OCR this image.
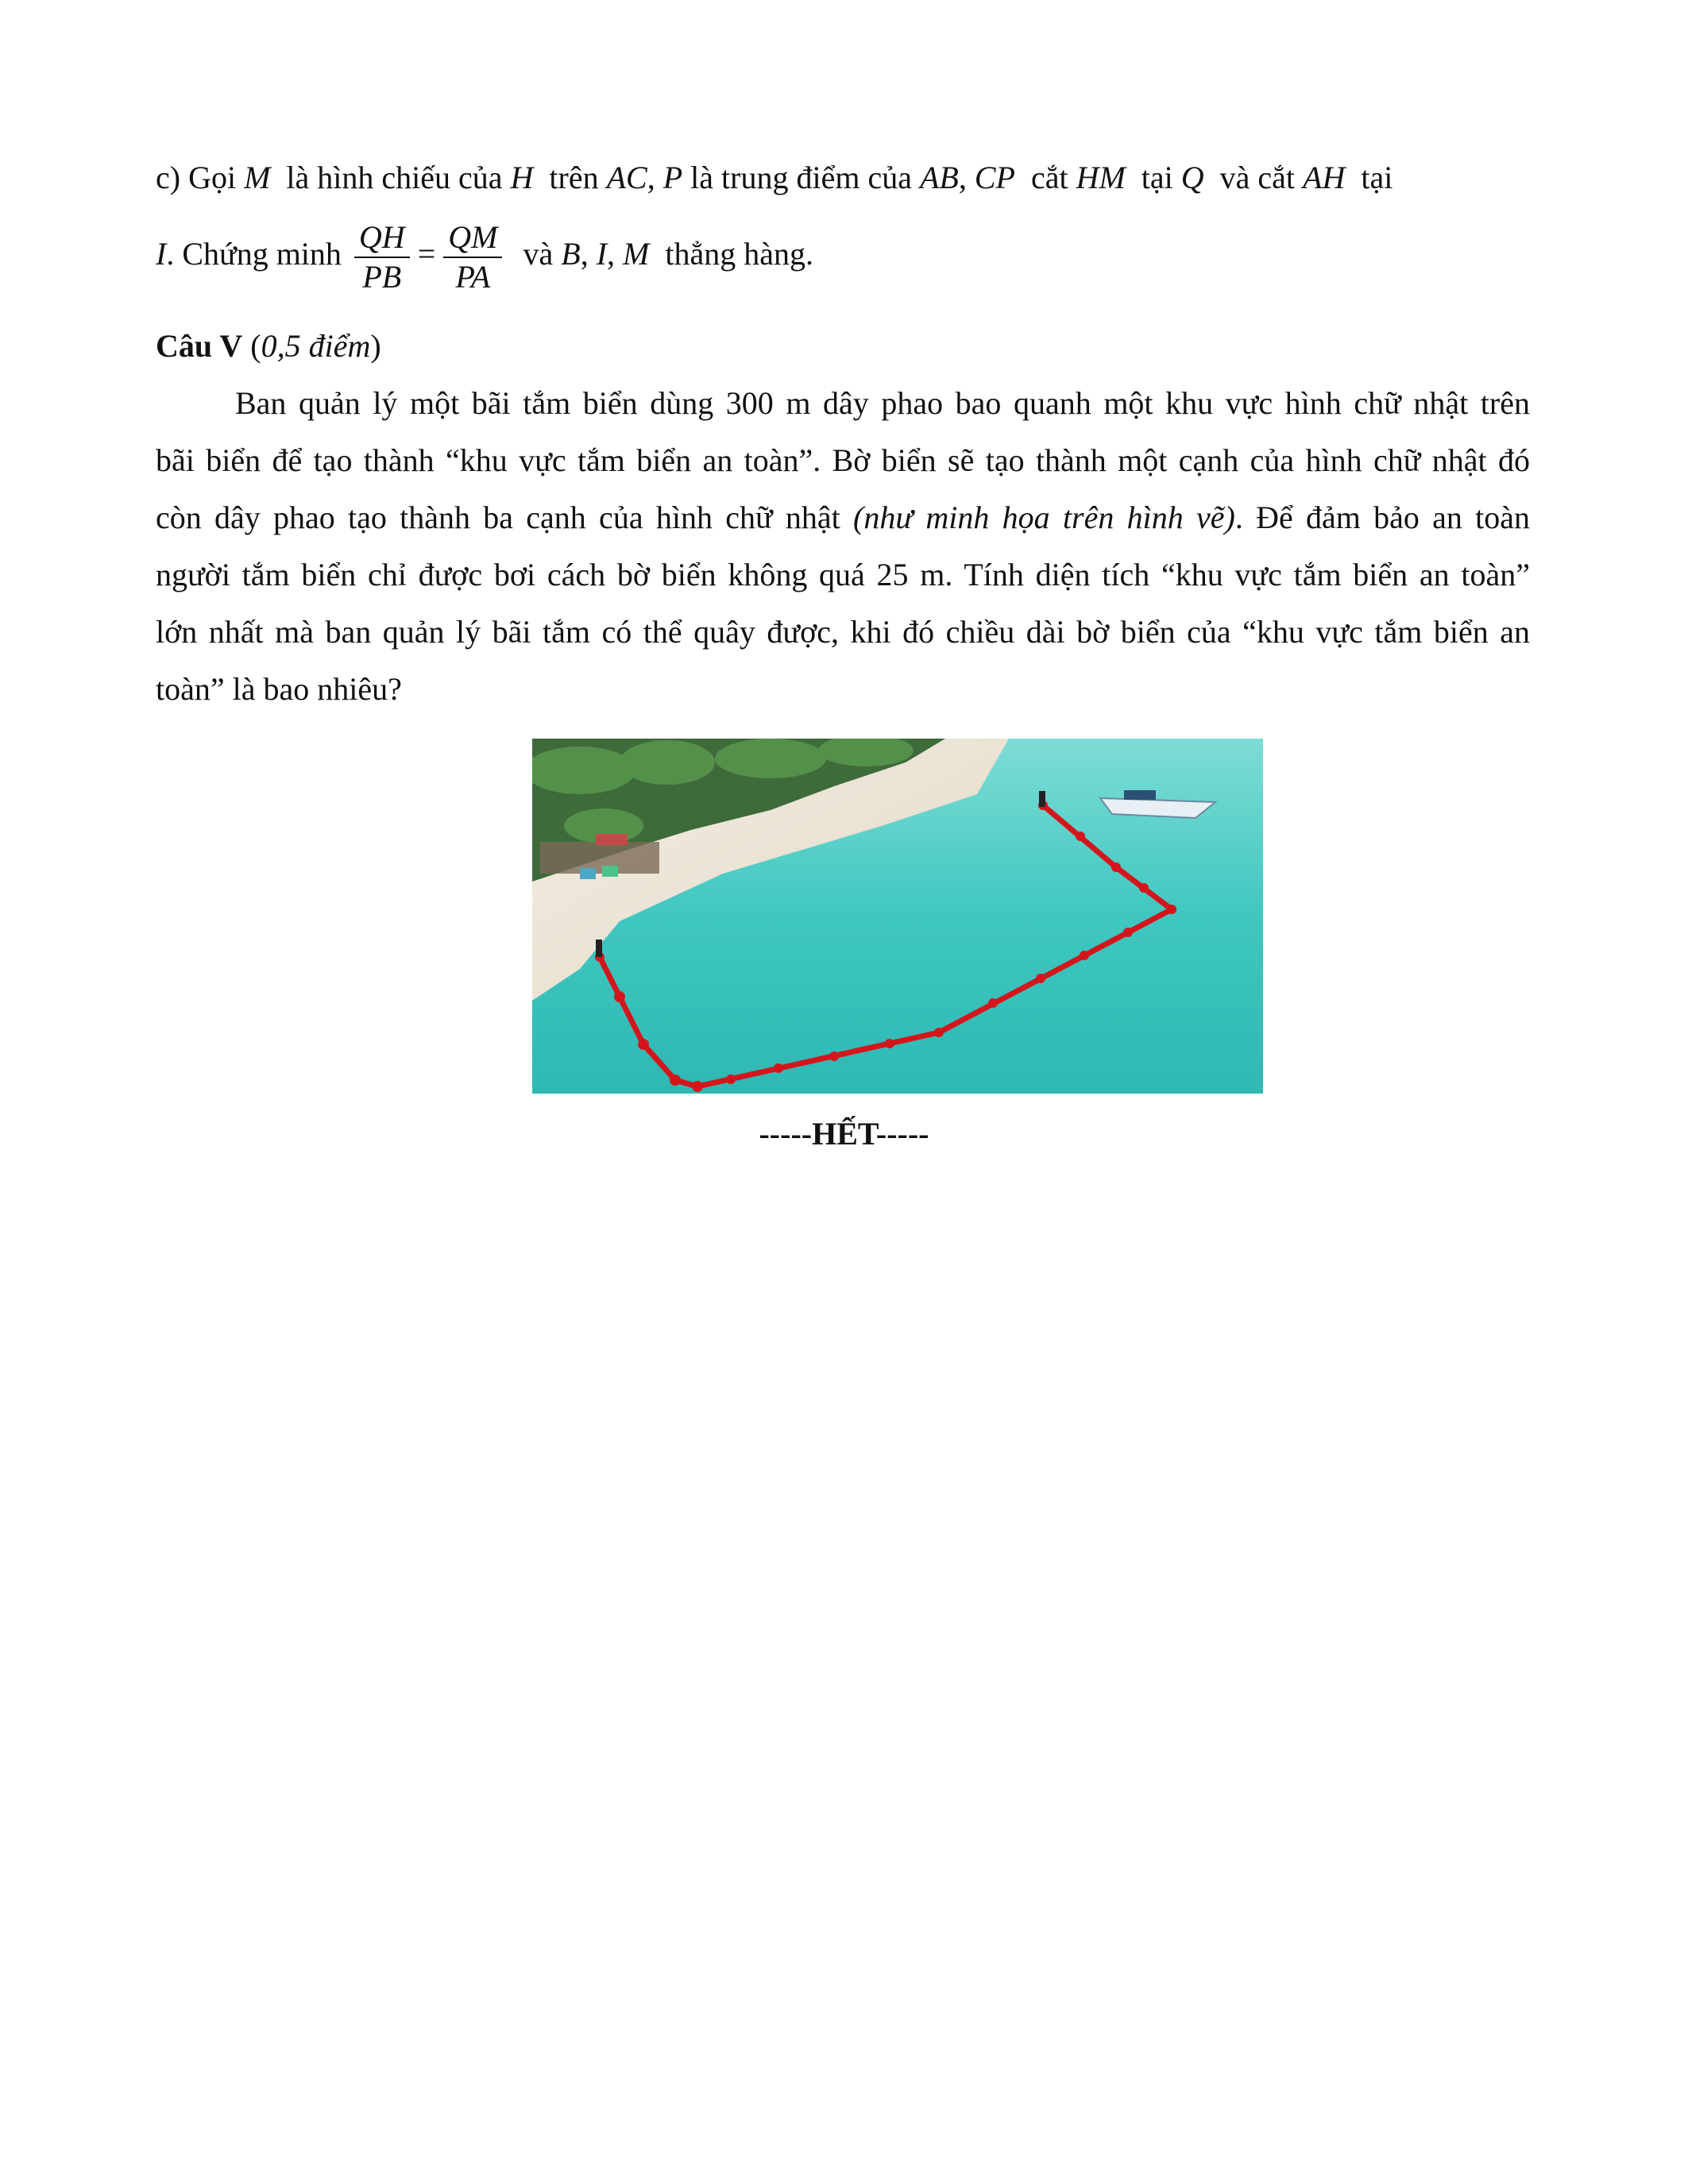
c) Gọi M là hình chiếu của H trên AC, P là trung điểm của AB, CP cắt HM tại Q và cắt AH tại
I. Chứng minh $\frac{QH}{PB} = \frac{QM}{PA}$ và B, I, M thẳng hàng.
Câu V (0,5 điểm)
Ban quản lý một bãi tắm biển dùng 300 m dây phao bao quanh một khu vực hình chữ nhật trên
bãi biển để tạo thành “khu vực tắm biển an toàn”. Bờ biển sẽ tạo thành một cạnh của hình chữ nhật đó
còn dây phao tạo thành ba cạnh của hình chữ nhật (như minh họa trên hình vẽ). Để đảm bảo an toàn
người tắm biển chỉ được bơi cách bờ biển không quá 25 m. Tính diện tích “khu vực tắm biển an toàn”
lớn nhất mà ban quản lý bãi tắm có thể quây được, khi đó chiều dài bờ biển của “khu vực tắm biển an
toàn” là bao nhiêu?
-----HẾT-----
